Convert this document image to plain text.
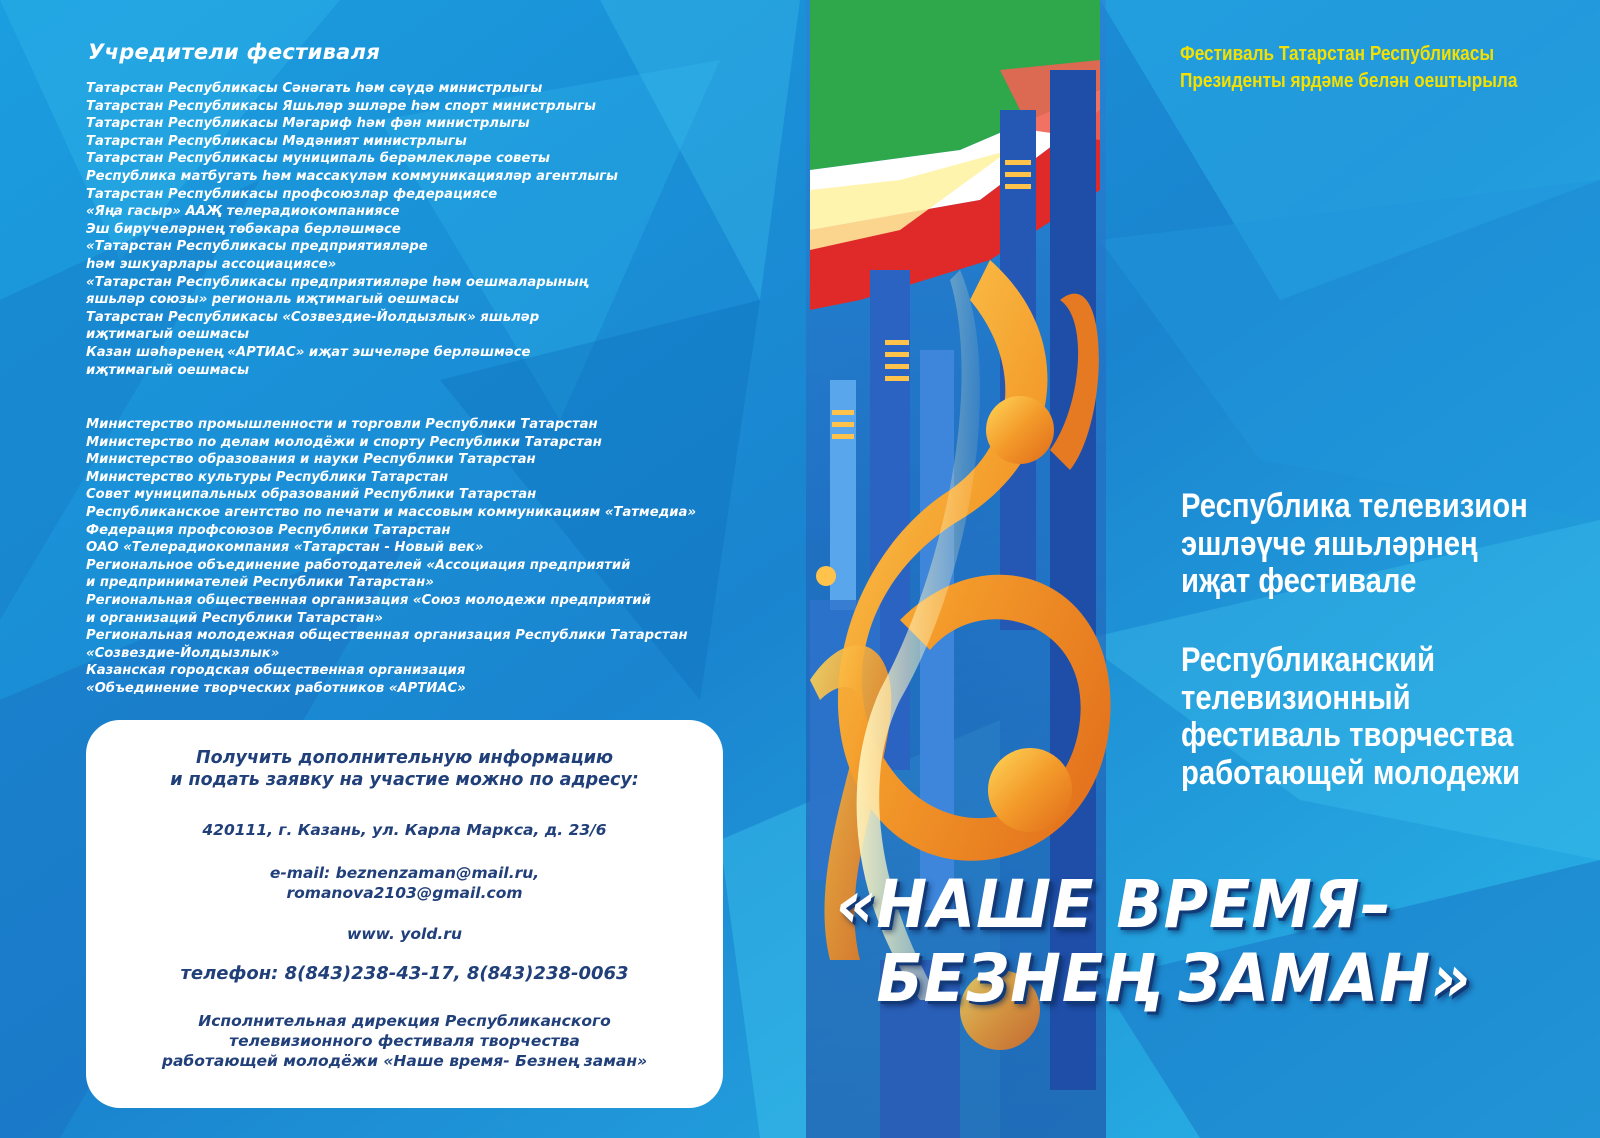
Учредители фестиваля
Татарстан Республикасы Сәнәгать һәм сәүдә министрлыгы
Татарстан Республикасы Яшьләр эшләре һәм спорт министрлыгы
Татарстан Республикасы Мәгариф һәм фән министрлыгы
Татарстан Республикасы Мәдәният министрлыгы
Татарстан Республикасы муниципаль берәмлекләре советы
Республика матбугать һәм массакүләм коммуникацияләр агентлыгы
Татарстан Республикасы профсоюзлар федерациясе
«Яңа гасыр» ААҖ телерадиокомпаниясе
Эш бирүчеләрнең төбәкара берләшмәсе
«Татарстан Республикасы предприятияләре
һәм эшкуарлары ассоциациясе»
«Татарстан Республикасы предприятияләре һәм оешмаларының
яшьләр союзы» региональ иҗтимагый оешмасы
Татарстан Республикасы «Созвездие-Йолдызлык» яшьләр
иҗтимагый оешмасы
Казан шәһәренең «АРТИАС» иҗат эшчеләре берләшмәсе
иҗтимагый оешмасы
Министерство промышленности и торговли Республики Татарстан
Министерство по делам молодёжи и спорту Республики Татарстан
Министерство образования и науки Республики Татарстан
Министерство культуры Республики Татарстан
Совет муниципальных образований Республики Татарстан
Республиканское агентство по печати и массовым коммуникациям «Татмедиа»
Федерация профсоюзов Республики Татарстан
ОАО «Телерадиокомпания «Татарстан - Новый век»
Региональное объединение работодателей «Ассоциация предприятий
и предпринимателей Республики Татарстан»
Региональная общественная организация «Союз молодежи предприятий
и организаций Республики Татарстан»
Региональная молодежная общественная организация Республики Татарстан
«Созвездие-Йолдызлык»
Казанская городская общественная организация
«Объединение творческих работников «АРТИАС»
Получить дополнительную информацию
и подать заявку на участие можно по адресу:
420111, г. Казань, ул. Карла Маркса, д. 23/6
e-mail: beznenzaman@mail.ru,
romanova2103@gmail.com
www. yold.ru
телефон: 8(843)238-43-17, 8(843)238-0063
Исполнительная дирекция Республиканского
телевизионного фестиваля творчества
работающей молодёжи «Наше время- Безнең заман»
Фестиваль Татарстан Республикасы
Президенты ярдәме белән оештырыла
Республика телевизион
эшләүче яшьләрнең
иҗат фестивале
Республиканский
телевизионный
фестиваль творчества
работающей молодежи
«НАШЕ ВРЕМЯ–
БЕЗНЕҢ ЗАМАН»
